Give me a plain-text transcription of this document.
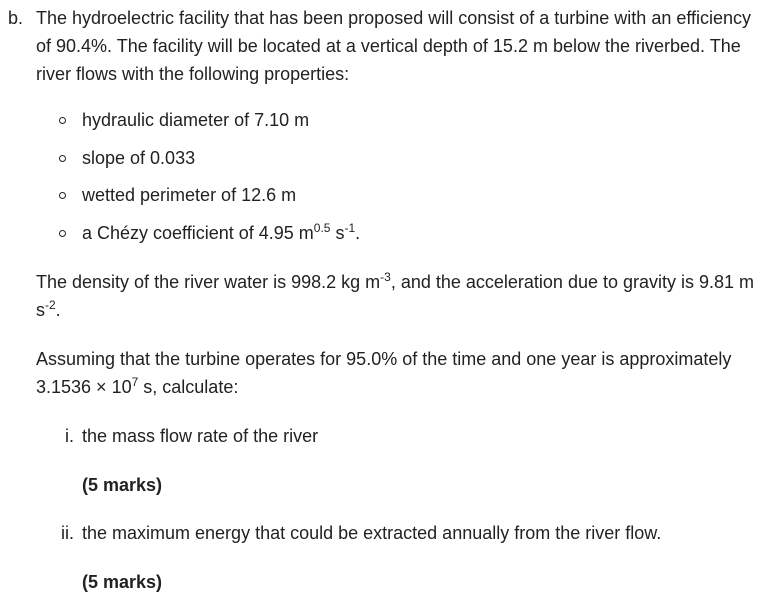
b. The hydroelectric facility that has been proposed will consist of a turbine with an efficiency of 90.4%. The facility will be located at a vertical depth of 15.2 m below the riverbed. The river flows with the following properties:

hydraulic diameter of 7.10 m
slope of 0.033
wetted perimeter of 12.6 m
a Chézy coefficient of 4.95 $m^{0.5}$ $s^{-1}$.

The density of the river water is 998.2 kg $m^{-3}$, and the acceleration due to gravity is 9.81 m $s^{-2}$.

Assuming that the turbine operates for 95.0% of the time and one year is approximately $3.1536 \times 10^7$ s, calculate:

i. the mass flow rate of the river
(5 marks)
ii. the maximum energy that could be extracted annually from the river flow.
(5 marks)
